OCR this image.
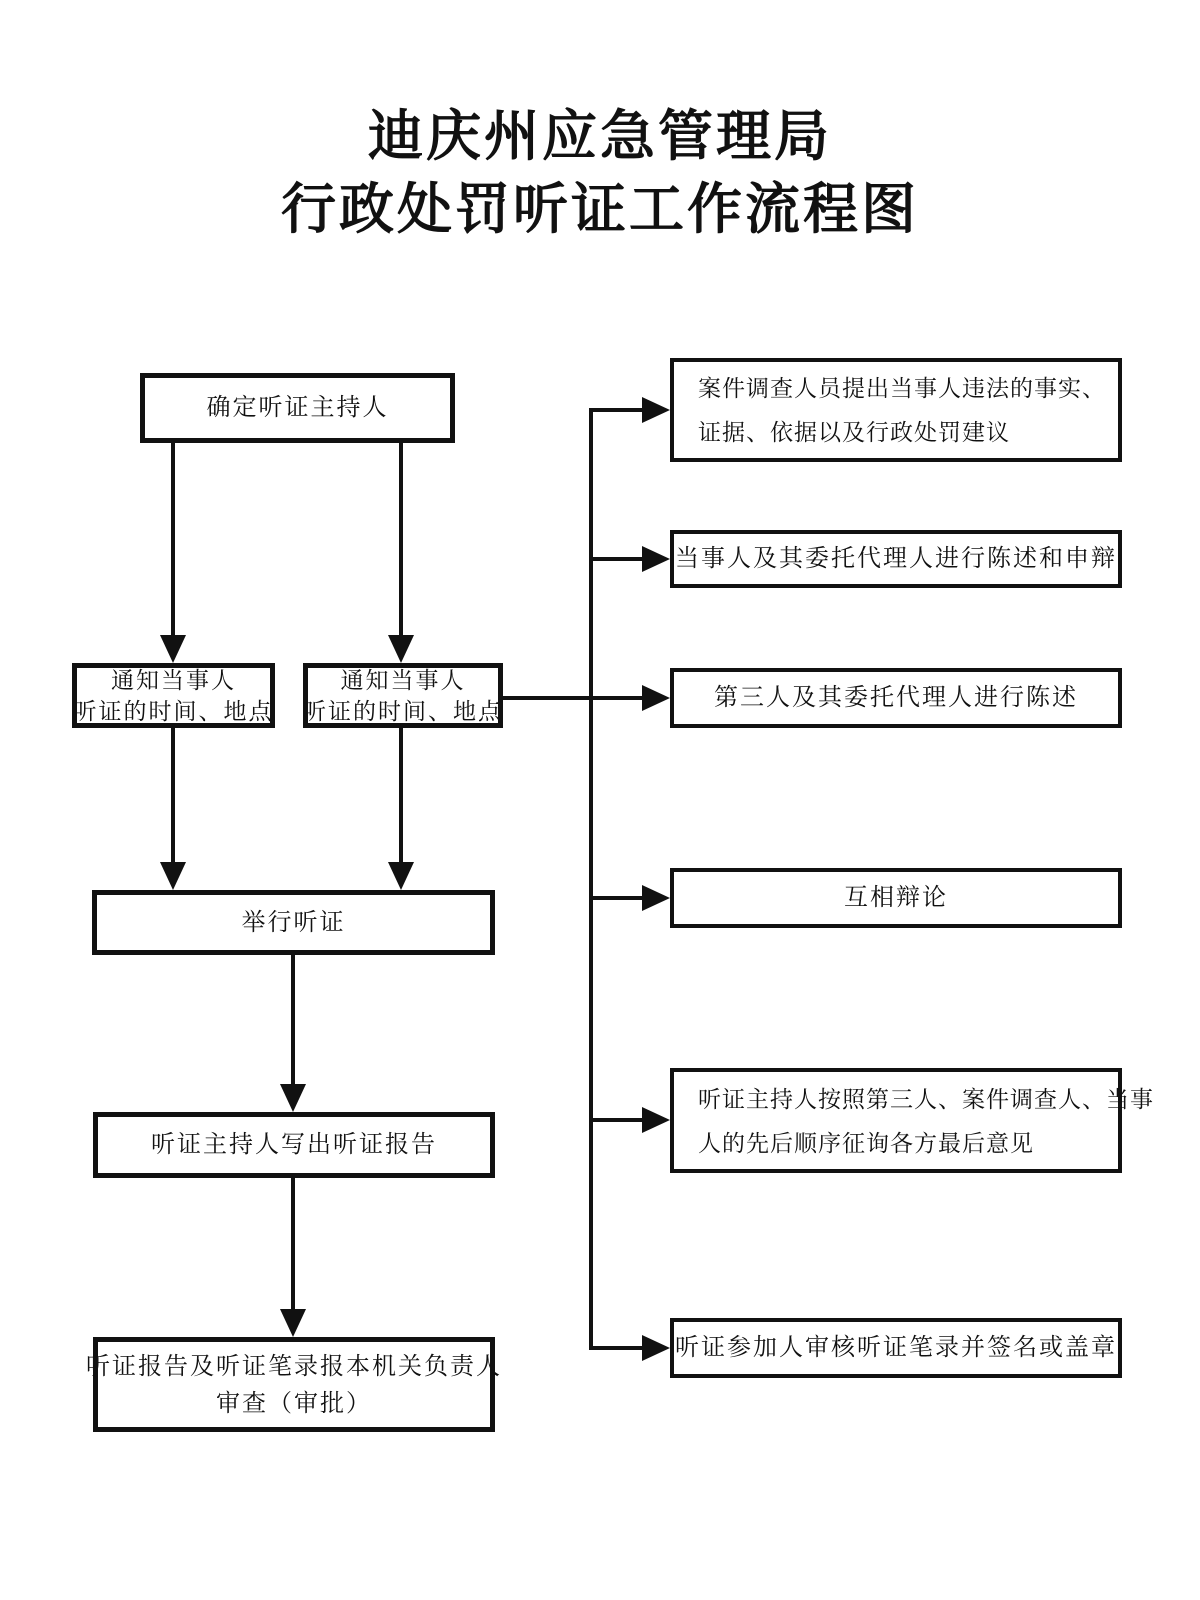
迪庆州应急管理局
行政处罚听证工作流程图
确定听证主持人
通知当事人
听证的时间、地点
通知当事人
听证的时间、地点
举行听证
听证主持人写出听证报告
听证报告及听证笔录报本机关负责人
审查（审批）
案件调查人员提出当事人违法的事实、
证据、依据以及行政处罚建议
当事人及其委托代理人进行陈述和申辩
第三人及其委托代理人进行陈述
互相辩论
听证主持人按照第三人、案件调查人、当事
人的先后顺序征询各方最后意见
听证参加人审核听证笔录并签名或盖章
